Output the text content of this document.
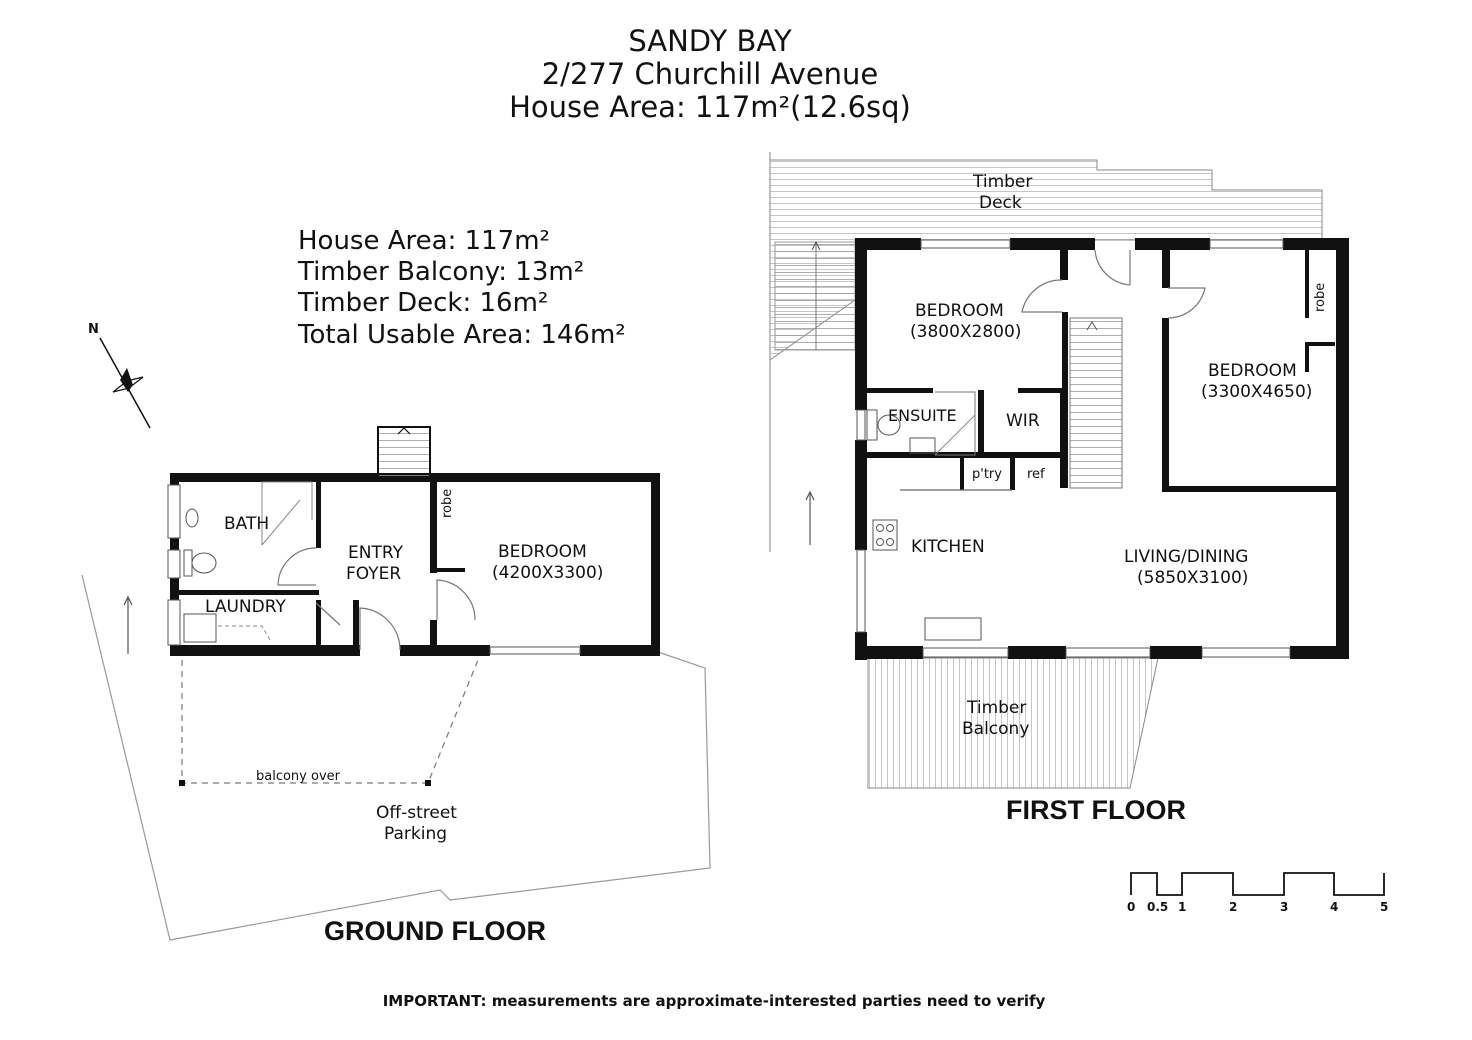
SANDY BAY
2/277 Churchill Avenue
House Area: 117m²(12.6sq)
House Area: 117m²
Timber Balcony: 13m²
Timber Deck: 16m²
Total Usable Area: 146m²
N
BATH
LAUNDRY
ENTRY
FOYER
robe
BEDROOM
(4200X3300)
balcony over
Off-street
Parking
GROUND FLOOR
Timber
Deck
BEDROOM
(3800X2800)
robe
BEDROOM
(3300X4650)
ENSUITE	WIR
p'try ref
KITCHEN	LIVING/DINING
(5850X3100)
Timber
Balcony
FIRST FLOOR
0 0.5 1	2	3	4	5
IMPORTANT: measurements are approximate-interested parties need to verify
